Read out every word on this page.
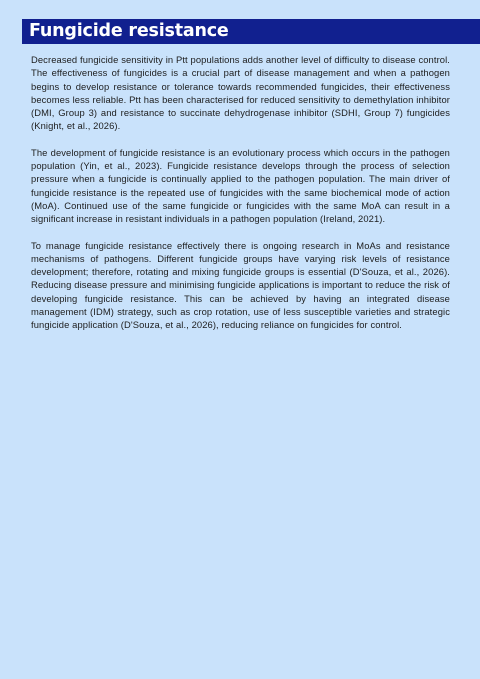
Fungicide resistance

Decreased fungicide sensitivity in Ptt populations adds another level of difficulty to disease control. The effectiveness of fungicides is a crucial part of disease management and when a pathogen begins to develop resistance or tolerance towards recommended fungicides, their effectiveness becomes less reliable. Ptt has been characterised for reduced sensitivity to demethylation inhibitor (DMI, Group 3) and resistance to succinate dehydrogenase inhibitor (SDHI, Group 7) fungicides (Knight, et al., 2026).

The development of fungicide resistance is an evolutionary process which occurs in the pathogen population (Yin, et al., 2023). Fungicide resistance develops through the process of selection pressure when a fungicide is continually applied to the pathogen population. The main driver of fungicide resistance is the repeated use of fungicides with the same biochemical mode of action (MoA). Continued use of the same fungicide or fungicides with the same MoA can result in a significant increase in resistant individuals in a pathogen population (Ireland, 2021).

To manage fungicide resistance effectively there is ongoing research in MoAs and resistance mechanisms of pathogens. Different fungicide groups have varying risk levels of resistance development; therefore, rotating and mixing fungicide groups is essential (D'Souza, et al., 2026). Reducing disease pressure and minimising fungicide applications is important to reduce the risk of developing fungicide resistance. This can be achieved by having an integrated disease management (IDM) strategy, such as crop rotation, use of less susceptible varieties and strategic fungicide application (D'Souza, et al., 2026), reducing reliance on fungicides for control.
